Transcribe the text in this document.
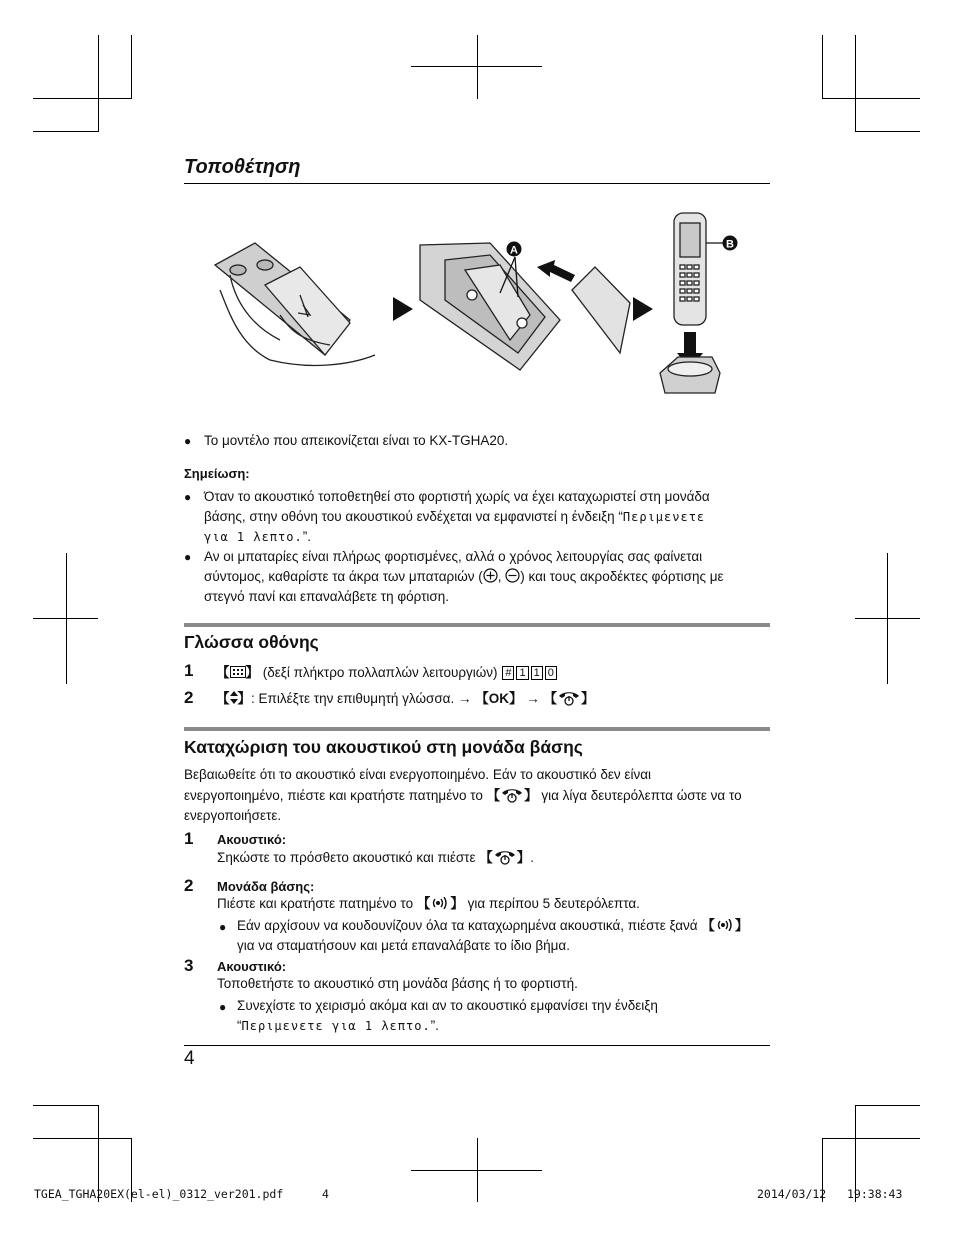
Τοποθέτηση
A	B
● Το μοντέλο που απεικονίζεται είναι το KX-TGHA20.
Σημείωση:
● Όταν το ακουστικό τοποθετηθεί στο φορτιστή χωρίς να έχει καταχωριστεί στη μονάδα
βάσης, στην οθόνη του ακουστικού ενδέχεται να εμφανιστεί η ένδειξη “Περιμενετε
για 1 λεπτο.”.
● Αν οι μπαταρίες είναι πλήρως φορτισμένες, αλλά ο χρόνος λειτουργίας σας φαίνεται
σύντομος, καθαρίστε τα άκρα των μπαταριών ( , ) και τους ακροδέκτες φόρτισης με
στεγνό πανί και επαναλάβετε τη φόρτιση.
Γλώσσα οθόνης
1 【 】 (δεξί πλήκτρο πολλαπλών λειτουργιών) # 1 1 0
2 【 】: Επιλέξτε την επιθυμητή γλώσσα. → 【OK】 → 【 】
Καταχώριση του ακουστικού στη μονάδα βάσης
Βεβαιωθείτε ότι το ακουστικό είναι ενεργοποιημένο. Εάν το ακουστικό δεν είναι
ενεργοποιημένο, πιέστε και κρατήστε πατημένο το 【 】 για λίγα δευτερόλεπτα ώστε να το
ενεργοποιήσετε.
1 Ακουστικό:
Σηκώστε το πρόσθετο ακουστικό και πιέστε 【 】.
2 Μονάδα βάσης:
Πιέστε και κρατήστε πατημένο το 【 】 για περίπου 5 δευτερόλεπτα.
● Εάν αρχίσουν να κουδουνίζουν όλα τα καταχωρημένα ακουστικά, πιέστε ξανά 【 】
για να σταματήσουν και μετά επαναλάβατε το ίδιο βήμα.
3 Ακουστικό:
Τοποθετήστε το ακουστικό στη μονάδα βάσης ή το φορτιστή.
● Συνεχίστε το χειρισμό ακόμα και αν το ακουστικό εμφανίσει την ένδειξη
“Περιμενετε για 1 λεπτο.”.
4
TGEA_TGHA20EX(el-el)_0312_ver201.pdf	4	2014/03/12 19:38:43
